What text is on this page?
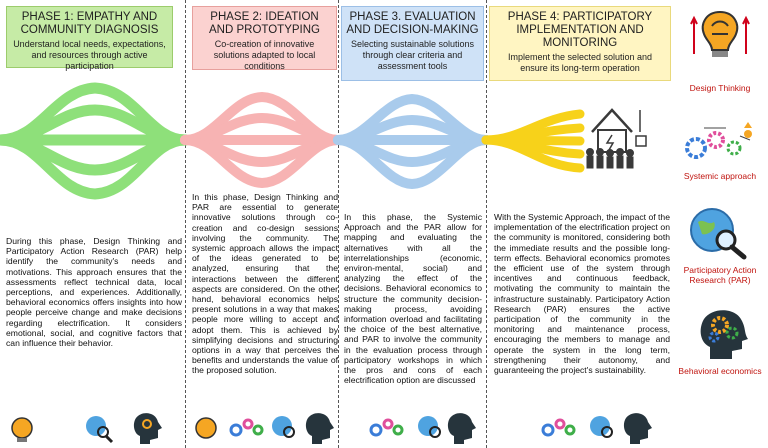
PHASE 1: EMPATHY AND COMMUNITY DIAGNOSIS
Understand local needs, expectations, and resources through active participation
PHASE 2: IDEATION AND PROTOTYPING
Co-creation of innovative solutions adapted to local conditions
PHASE 3. EVALUATION AND DECISION-MAKING
Selecting sustainable solutions through clear criteria and assessment tools
PHASE 4: PARTICIPATORY IMPLEMENTATION AND MONITORING
Implement the selected solution and ensure its long-term operation
During this phase, Design Thinking and Participatory Action Research (PAR) help identify the community's needs and motivations. This approach ensures that the assessments reflect technical data, local perceptions, and experiences. Additionally, behavioral economics offers insights into how people perceive change and make decisions regarding electrification. It considers emotional, social, and cognitive factors that can influence their behavior.
In this phase, Design Thinking and PAR are essential to generate innovative solutions through co-creation and co-design sessions involving the community. The systemic approach allows the impact of the ideas generated to be analyzed, ensuring that the interactions between the different aspects are considered. On the other hand, behavioral economics helps present solutions in a way that makes people more willing to accept and adopt them. This is achieved by simplifying decisions and structuring options in a way that perceives the benefits and understands the value of the proposed solution.
In this phase, the Systemic Approach and the PAR allow for mapping and evaluating the alternatives with all the interrelationships (economic, environ-mental, social) and analyzing the effect of the decisions. Behavioral economics to structure the community decision-making process, avoiding information overload and facilitating the choice of the best alternative, and PAR to involve the community in the evaluation process through participatory workshops in which the pros and cons of each electrification option are discussed
With the Systemic Approach, the impact of the implementation of the electrification project on the community is monitored, considering both the immediate results and the possible long-term effects. Behavioral economics promotes the efficient use of the system through incentives and continuous feedback, motivating the community to maintain the infrastructure sustainably. Participatory Action Research (PAR) ensures the active participation of the community in the monitoring and maintenance process, encouraging the members to manage and operate the system in the long term, strengthening their autonomy, and guaranteeing the project's sustainability.
Design Thinking
Systemic approach
Participatory Action Research (PAR)
Behavioral economics
